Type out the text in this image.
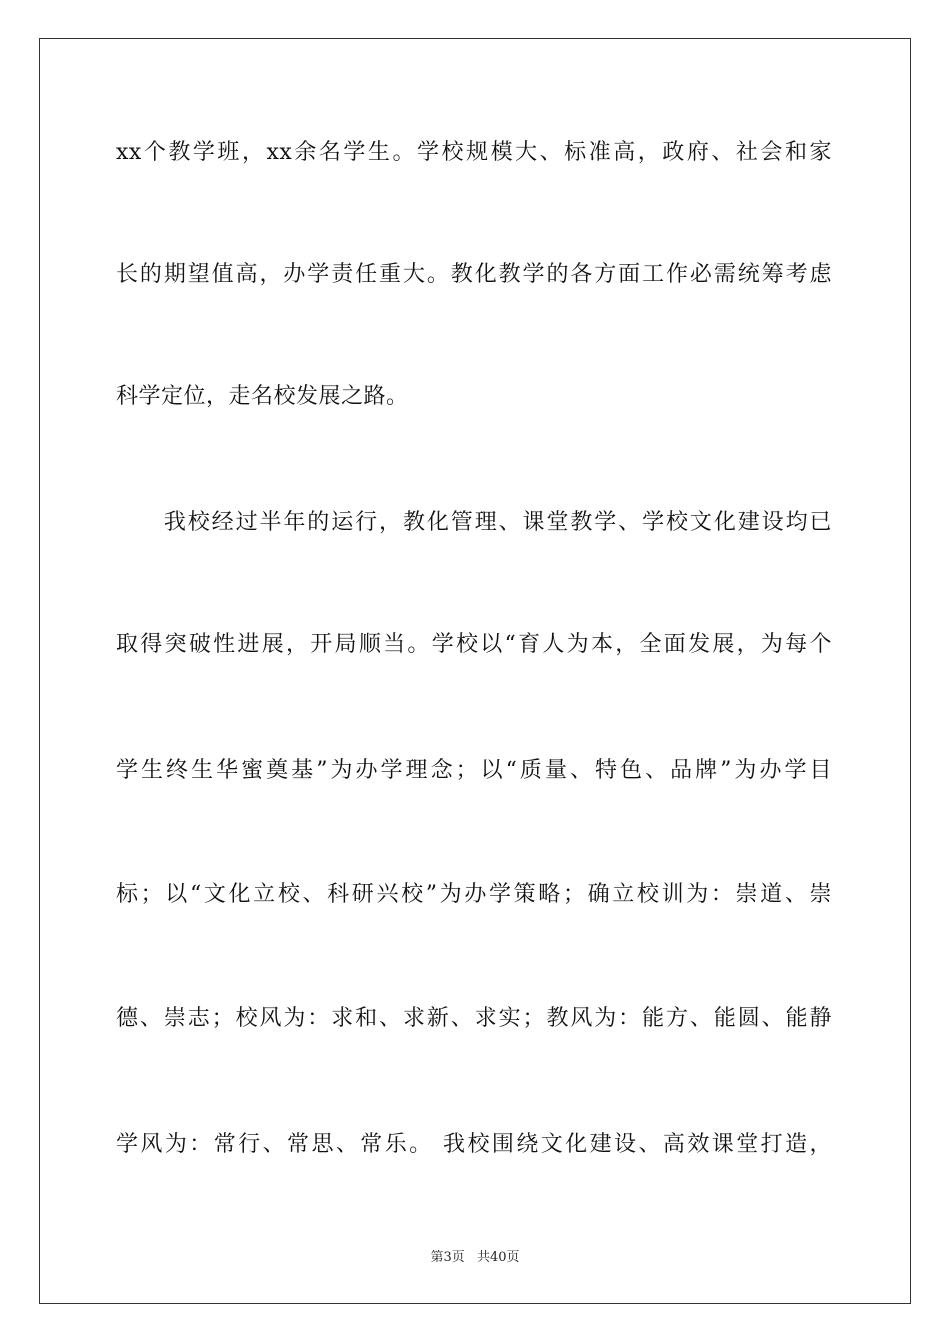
xx个教学班，xx余名学生。学校规模大、标准高，政府、社会和家
长的期望值高，办学责任重大。教化教学的各方面工作必需统筹考虑
科学定位，走名校发展之路。
　　我校经过半年的运行，教化管理、课堂教学、学校文化建设均已
取得突破性进展，开局顺当。学校以“育人为本，全面发展，为每个
学生终生华蜜奠基”为办学理念；以“质量、特色、品牌”为办学目
标；以“文化立校、科研兴校”为办学策略；确立校训为：崇道、崇
德、崇志；校风为：求和、求新、求实；教风为：能方、能圆、能静
学风为：常行、常思、常乐。 我校围绕文化建设、高效课堂打造，
第3页 共40页
